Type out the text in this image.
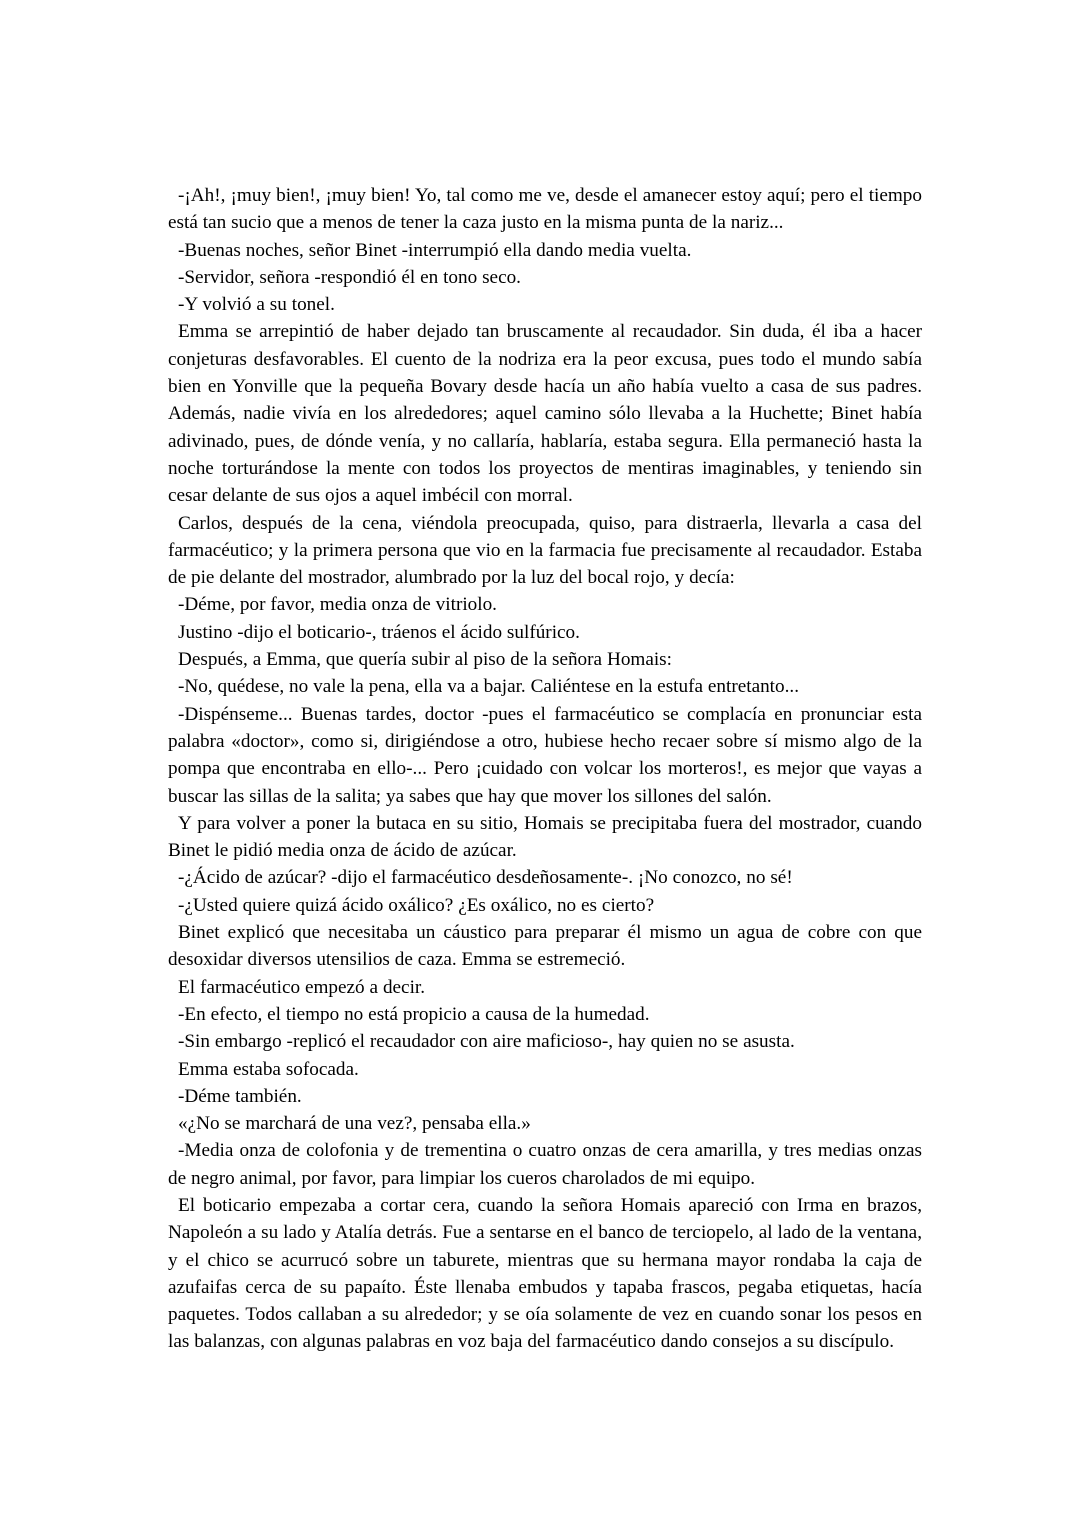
-¡Ah!, ¡muy bien!, ¡muy bien! Yo, tal como me ve, desde el amanecer estoy aquí; pero el tiempo está tan sucio que a menos de tener la caza justo en la misma punta de la nariz...

-Buenas noches, señor Binet -interrumpió ella dando media vuelta.

-Servidor, señora -respondió él en tono seco.

-Y volvió a su tonel.

Emma se arrepintió de haber dejado tan bruscamente al recaudador. Sin duda, él iba a hacer conjeturas desfavorables. El cuento de la nodriza era la peor excusa, pues todo el mundo sabía bien en Yonville que la pequeña Bovary desde hacía un año había vuelto a casa de sus padres. Además, nadie vivía en los alrededores; aquel camino sólo llevaba a la Huchette; Binet había adivinado, pues, de dónde venía, y no callaría, hablaría, estaba segura. Ella permaneció hasta la noche torturándose la mente con todos los proyectos de mentiras imaginables, y teniendo sin cesar delante de sus ojos a aquel imbécil con morral.

Carlos, después de la cena, viéndola preocupada, quiso, para distraerla, llevarla a casa del farmacéutico; y la primera persona que vio en la farmacia fue precisamente al recaudador. Estaba de pie delante del mostrador, alumbrado por la luz del bocal rojo, y decía:

-Déme, por favor, media onza de vitriolo.

Justino -dijo el boticario-, tráenos el ácido sulfúrico.

Después, a Emma, que quería subir al piso de la señora Homais:

-No, quédese, no vale la pena, ella va a bajar. Caliéntese en la estufa entretanto...

-Dispénseme... Buenas tardes, doctor -pues el farmacéutico se complacía en pronunciar esta palabra «doctor», como si, dirigiéndose a otro, hubiese hecho recaer sobre sí mismo algo de la pompa que encontraba en ello-... Pero ¡cuidado con volcar los morteros!, es mejor que vayas a buscar las sillas de la salita; ya sabes que hay que mover los sillones del salón.

Y para volver a poner la butaca en su sitio, Homais se precipitaba fuera del mostrador, cuando Binet le pidió media onza de ácido de azúcar.

-¿Ácido de azúcar? -dijo el farmacéutico desdeñosamente-. ¡No conozco, no sé!

-¿Usted quiere quizá ácido oxálico? ¿Es oxálico, no es cierto?

Binet explicó que necesitaba un cáustico para preparar él mismo un agua de cobre con que desoxidar diversos utensilios de caza. Emma se estremeció.

El farmacéutico empezó a decir.

-En efecto, el tiempo no está propicio a causa de la humedad.

-Sin embargo -replicó el recaudador con aire maficioso-, hay quien no se asusta.

Emma estaba sofocada.

-Déme también.

«¿No se marchará de una vez?, pensaba ella.»

-Media onza de colofonia y de trementina o cuatro onzas de cera amarilla, y tres medias onzas de negro animal, por favor, para limpiar los cueros charolados de mi equipo.

El boticario empezaba a cortar cera, cuando la señora Homais apareció con Irma en brazos, Napoleón a su lado y Atalía detrás. Fue a sentarse en el banco de terciopelo, al lado de la ventana, y el chico se acurrucó sobre un taburete, mientras que su hermana mayor rondaba la caja de azufaifas cerca de su papaíto. Éste llenaba embudos y tapaba frascos, pegaba etiquetas, hacía paquetes. Todos callaban a su alrededor; y se oía solamente de vez en cuando sonar los pesos en las balanzas, con algunas palabras en voz baja del farmacéutico dando consejos a su discípulo.
